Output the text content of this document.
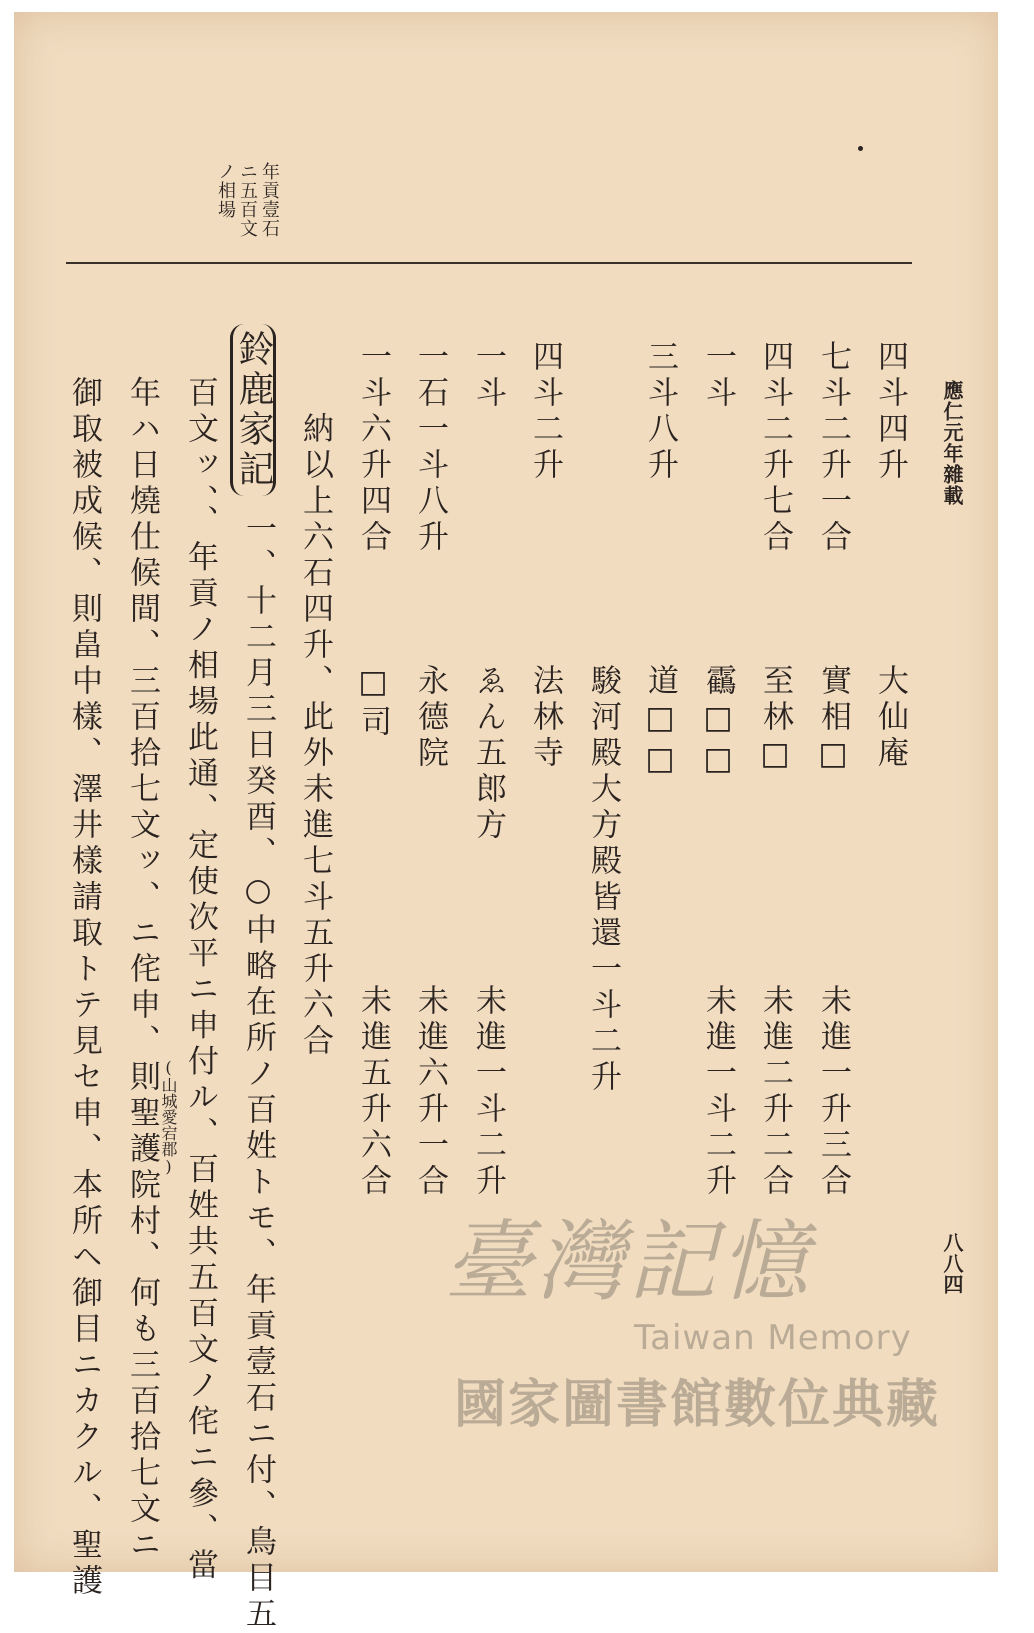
應仁元年雜載
八八四
年貢壹石
ニ五百文
ノ相場
四斗四升
大仙庵
七斗二升一合
實相□
未進一升三合
四斗二升七合
至林□
未進二升二合
一斗
靍□□
未進一斗二升
三斗八升
道□□
駿河殿大方殿皆還一斗二升
四斗二升
法林寺
一斗
ゑん五郎方
未進一斗二升
一石一斗八升
永德院
未進六升一合
一斗六升四合
□司
未進五升六合
納以上六石四升、此外未進七斗五升六合
鈴鹿家記
一、十二月三日癸酉、○中略在所ノ百姓トモ、年貢壹石ニ付、鳥目五
百文ッ、、年貢ノ相場此通、定使次平ニ申付ル、百姓共五百文ノ侘ニ參、當
年ハ日燒仕候間、三百拾七文ッ、ニ侘申、則聖護院村、何も三百拾七文ニ
御取被成候、則畠中樣、澤井樣請取トテ見セ申、本所ヘ御目ニカクル、聖護	(山城愛宕郡)
臺灣記憶
Taiwan Memory
國家圖書館數位典藏
